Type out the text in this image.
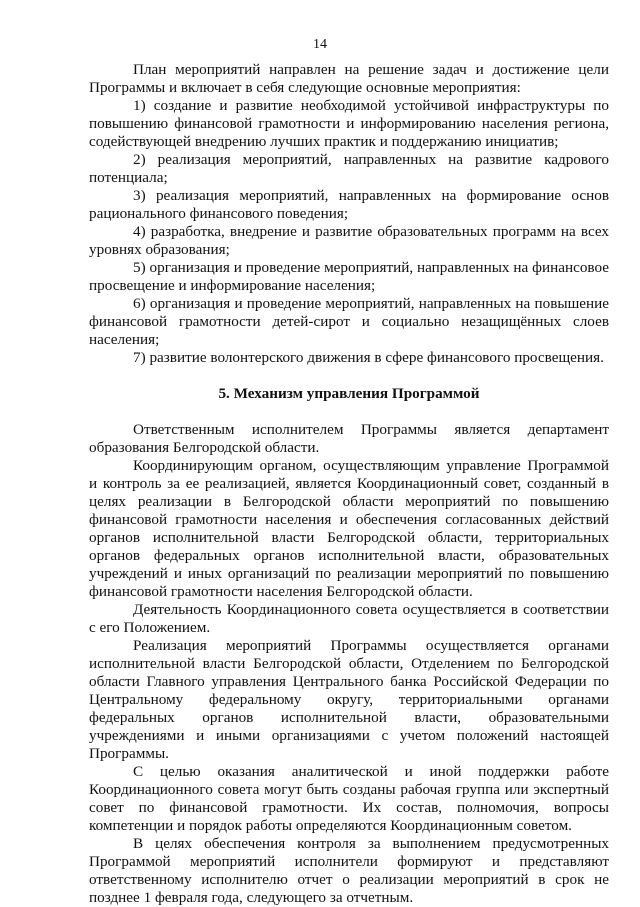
14

План мероприятий направлен на решение задач и достижение цели Программы и включает в себя следующие основные мероприятия:

1) создание и развитие необходимой устойчивой инфраструктуры по повышению финансовой грамотности и информированию населения региона, содействующей внедрению лучших практик и поддержанию инициатив;

2) реализация мероприятий, направленных на развитие кадрового потенциала;

3) реализация мероприятий, направленных на формирование основ рационального финансового поведения;

4) разработка, внедрение и развитие образовательных программ на всех уровнях образования;

5) организация и проведение мероприятий, направленных на финансовое просвещение и информирование населения;

6) организация и проведение мероприятий, направленных на повышение финансовой грамотности детей-сирот и социально незащищённых слоев населения;

7) развитие волонтерского движения в сфере финансового просвещения.

5. Механизм управления Программой

Ответственным исполнителем Программы является департамент образования Белгородской области.

Координирующим органом, осуществляющим управление Программой и контроль за ее реализацией, является Координационный совет, созданный в целях реализации в Белгородской области мероприятий по повышению финансовой грамотности населения и обеспечения согласованных действий органов исполнительной власти Белгородской области, территориальных органов федеральных органов исполнительной власти, образовательных учреждений и иных организаций по реализации мероприятий по повышению финансовой грамотности населения Белгородской области.

Деятельность Координационного совета осуществляется в соответствии с его Положением.

Реализация мероприятий Программы осуществляется органами исполнительной власти Белгородской области, Отделением по Белгородской области Главного управления Центрального банка Российской Федерации по Центральному федеральному округу, территориальными органами федеральных органов исполнительной власти, образовательными учреждениями и иными организациями с учетом положений настоящей Программы.

С целью оказания аналитической и иной поддержки работе Координационного совета могут быть созданы рабочая группа или экспертный совет по финансовой грамотности. Их состав, полномочия, вопросы компетенции и порядок работы определяются Координационным советом.

В целях обеспечения контроля за выполнением предусмотренных Программой мероприятий исполнители формируют и представляют ответственному исполнителю отчет о реализации мероприятий в срок не позднее 1 февраля года, следующего за отчетным.
